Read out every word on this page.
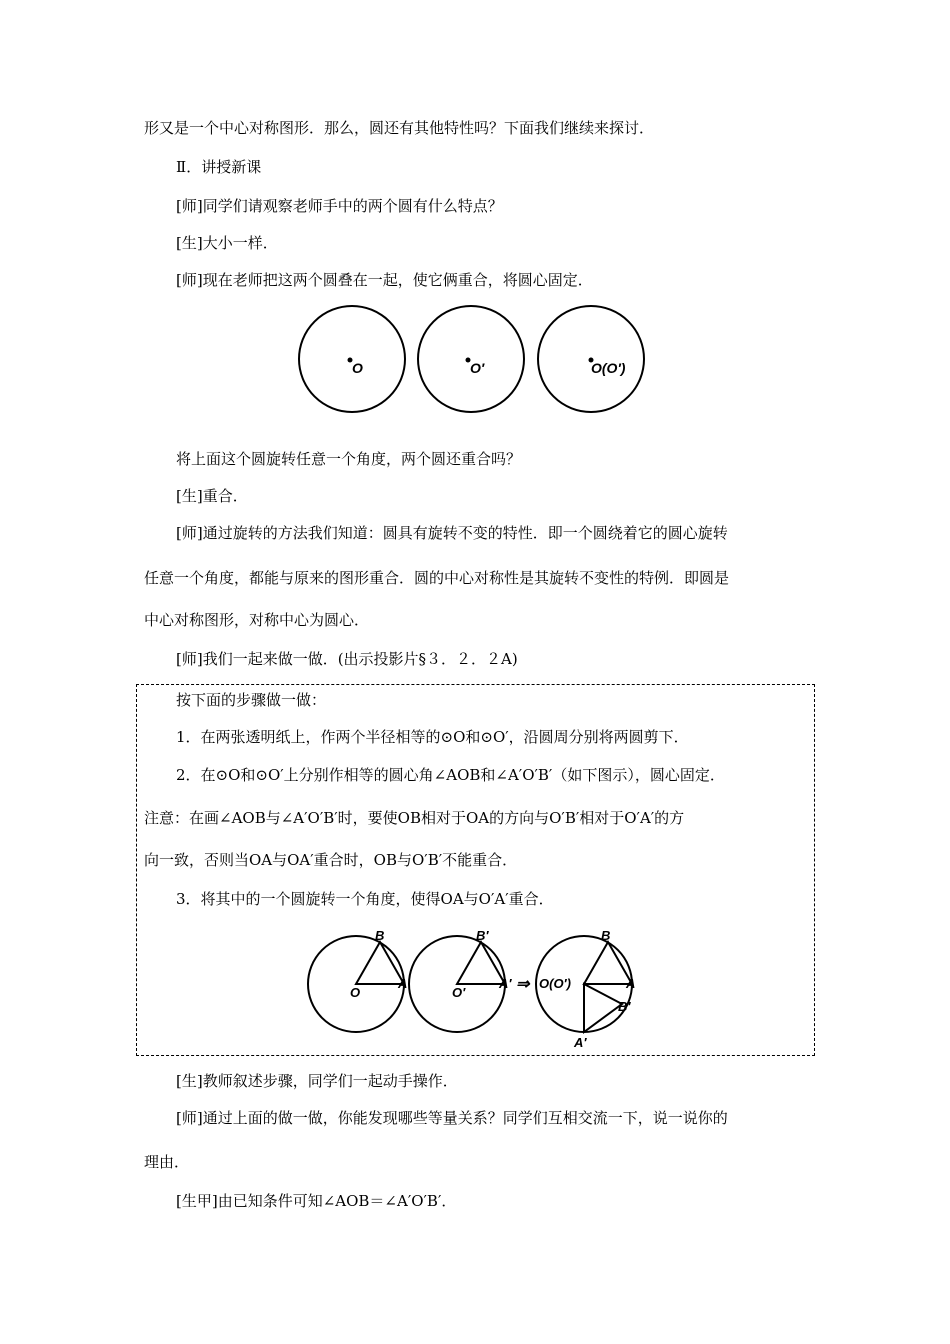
形又是一个中心对称图形．那么，圆还有其他特性吗？下面我们继续来探讨．
Ⅱ．讲授新课
[师]同学们请观察老师手中的两个圆有什么特点？
[生]大小一样．
[师]现在老师把这两个圆叠在一起，使它俩重合，将圆心固定．
O	O′	O(O′)
将上面这个圆旋转任意一个角度，两个圆还重合吗？
[生]重合．
[师]通过旋转的方法我们知道：圆具有旋转不变的特性．即一个圆绕着它的圆心旋转
任意一个角度，都能与原来的图形重合．圆的中心对称性是其旋转不变性的特例．即圆是
中心对称图形，对称中心为圆心．
[师]我们一起来做一做．(出示投影片§３．２．２A)
按下面的步骤做一做：
1．在两张透明纸上，作两个半径相等的⊙O和⊙O′，沿圆周分别将两圆剪下．
2．在⊙O和⊙O′上分别作相等的圆心角∠AOB和∠A′O′B′（如下图示），圆心固定．
注意：在画∠AOB与∠A′O′B′时，要使OB相对于OA的方向与O′B′相对于O′A′的方
向一致，否则当OA与OA′重合时，OB与O′B′不能重合．
3．将其中的一个圆旋转一个角度，使得OA与O′A′重合．
B
O
A
B′
O′
A′ ⇒
B
O(O′)	A
B′
A′
[生]教师叙述步骤，同学们一起动手操作．
[师]通过上面的做一做，你能发现哪些等量关系？同学们互相交流一下，说一说你的
理由．
[生甲]由已知条件可知∠AOB＝∠A′O′B′．
